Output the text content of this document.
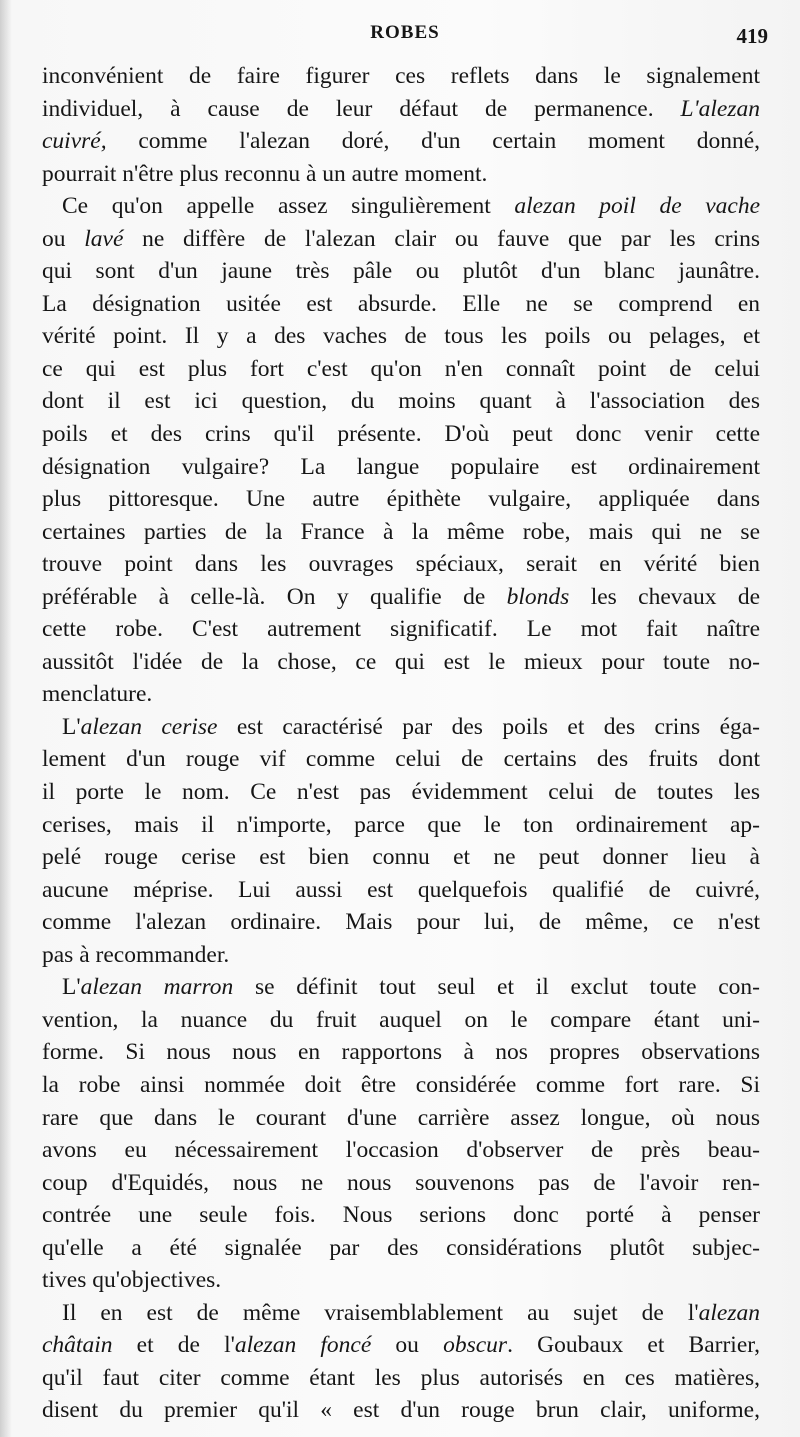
ROBES	419
inconvénient de faire figurer ces reflets dans le signalement
individuel, à cause de leur défaut de permanence. L'alezan
cuivré, comme l'alezan doré, d'un certain moment donné,
pourrait n'être plus reconnu à un autre moment.
Ce qu'on appelle assez singulièrement alezan poil de vache
ou lavé ne diffère de l'alezan clair ou fauve que par les crins
qui sont d'un jaune très pâle ou plutôt d'un blanc jaunâtre.
La désignation usitée est absurde. Elle ne se comprend en
vérité point. Il y a des vaches de tous les poils ou pelages, et
ce qui est plus fort c'est qu'on n'en connaît point de celui
dont il est ici question, du moins quant à l'association des
poils et des crins qu'il présente. D'où peut donc venir cette
désignation vulgaire? La langue populaire est ordinairement
plus pittoresque. Une autre épithète vulgaire, appliquée dans
certaines parties de la France à la même robe, mais qui ne se
trouve point dans les ouvrages spéciaux, serait en vérité bien
préférable à celle-là. On y qualifie de blonds les chevaux de
cette robe. C'est autrement significatif. Le mot fait naître
aussitôt l'idée de la chose, ce qui est le mieux pour toute no-
menclature.
L'alezan cerise est caractérisé par des poils et des crins éga-
lement d'un rouge vif comme celui de certains des fruits dont
il porte le nom. Ce n'est pas évidemment celui de toutes les
cerises, mais il n'importe, parce que le ton ordinairement ap-
pelé rouge cerise est bien connu et ne peut donner lieu à
aucune méprise. Lui aussi est quelquefois qualifié de cuivré,
comme l'alezan ordinaire. Mais pour lui, de même, ce n'est
pas à recommander.
L'alezan marron se définit tout seul et il exclut toute con-
vention, la nuance du fruit auquel on le compare étant uni-
forme. Si nous nous en rapportons à nos propres observations
la robe ainsi nommée doit être considérée comme fort rare. Si
rare que dans le courant d'une carrière assez longue, où nous
avons eu nécessairement l'occasion d'observer de près beau-
coup d'Equidés, nous ne nous souvenons pas de l'avoir ren-
contrée une seule fois. Nous serions donc porté à penser
qu'elle a été signalée par des considérations plutôt subjec-
tives qu'objectives.
Il en est de même vraisemblablement au sujet de l'alezan
châtain et de l'alezan foncé ou obscur. Goubaux et Barrier,
qu'il faut citer comme étant les plus autorisés en ces matières,
disent du premier qu'il « est d'un rouge brun clair, uniforme,
